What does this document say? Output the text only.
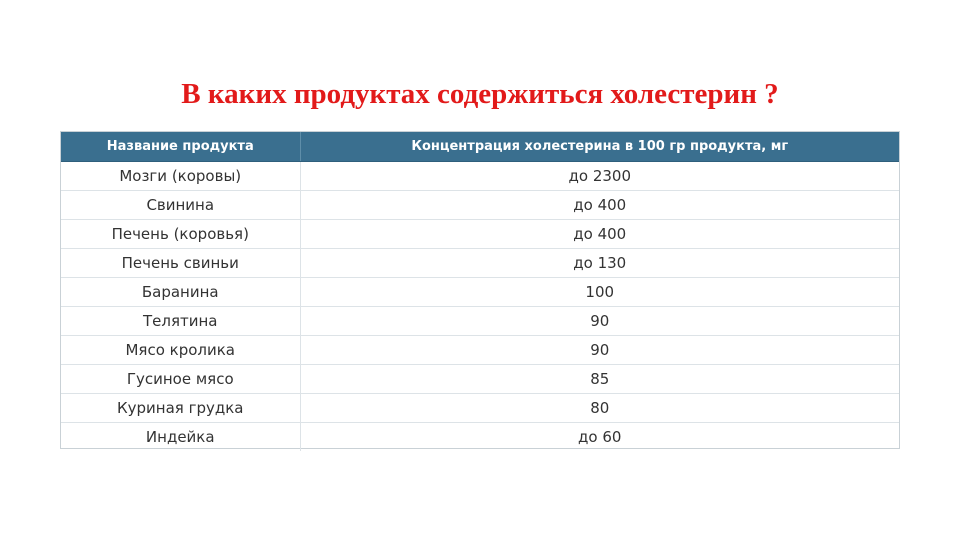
В каких продуктах содержиться холестерин ?
Название продукта	Концентрация холестерина в 100 гр продукта, мг
Мозги (коровы)	до 2300
Свинина	до 400
Печень (коровья)	до 400
Печень свиньи	до 130
Баранина	100
Телятина	90
Мясо кролика	90
Гусиное мясо	85
Куриная грудка	80
Индейка	до 60
